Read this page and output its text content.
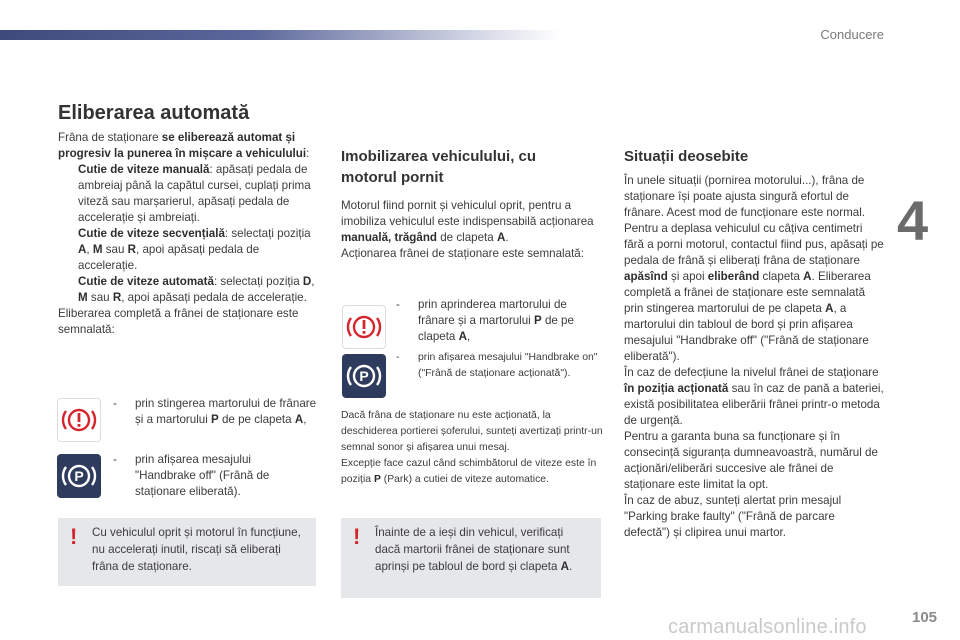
Conducere
4
105
carmanualsonline.info
Eliberarea automată
Frâna de staționare se eliberează automat și progresiv la punerea în mișcare a vehiculului:
Cutie de viteze manuală: apăsați pedala de ambreiaj până la capătul cursei, cuplați prima viteză sau marșarierul, apăsați pedala de accelerație și ambreiați.
Cutie de viteze secvențială: selectați poziția A, M sau R, apoi apăsați pedala de accelerație.
Cutie de viteze automată: selectați poziția D, M sau R, apoi apăsați pedala de accelerație.
Eliberarea completă a frânei de staționare este semnalată:
- prin stingerea martorului de frânare și a martorului P de pe clapeta A,
P
- prin afișarea mesajului "Handbrake off" (Frână de staționare eliberată).
! Cu vehiculul oprit și motorul în funcțiune, nu accelerați inutil, riscați să eliberați frâna de staționare.
Imobilizarea vehiculului, cu motorul pornit
Motorul fiind pornit și vehiculul oprit, pentru a imobiliza vehiculul este indispensabilă acționarea manuală, trăgând de clapeta A.
Acționarea frânei de staționare este semnalată:
- prin aprinderea martorului de frânare și a martorului P de pe clapeta A,
P
- prin afișarea mesajului "Handbrake on" ("Frână de staționare acționată").
Dacă frâna de staționare nu este acționată, la deschiderea portierei șoferului, sunteți avertizați printr-un semnal sonor și afișarea unui mesaj.
Excepție face cazul când schimbătorul de viteze este în poziția P (Park) a cutiei de viteze automatice.
! Înainte de a ieși din vehicul, verificați dacă martorii frânei de staționare sunt aprinși pe tabloul de bord și clapeta A.
Situații deosebite
În unele situații (pornirea motorului...), frâna de staționare își poate ajusta singură efortul de frânare. Acest mod de funcționare este normal.
Pentru a deplasa vehiculul cu câțiva centimetri fără a porni motorul, contactul fiind pus, apăsați pe pedala de frână și eliberați frâna de staționare apăsînd și apoi eliberând clapeta A. Eliberarea completă a frânei de staționare este semnalată prin stingerea martorului de pe clapeta A, a martorului din tabloul de bord și prin afișarea mesajului "Handbrake off" ("Frână de staționare eliberată").
În caz de defecțiune la nivelul frânei de staționare în poziția acționată sau în caz de pană a bateriei, există posibilitatea eliberării frânei printr-o metoda de urgență.
Pentru a garanta buna sa funcționare și în consecință siguranța dumneavoastră, numărul de acționări/eliberări succesive ale frânei de staționare este limitat la opt.
În caz de abuz, sunteți alertat prin mesajul "Parking brake faulty" ("Frână de parcare defectă") și clipirea unui martor.
